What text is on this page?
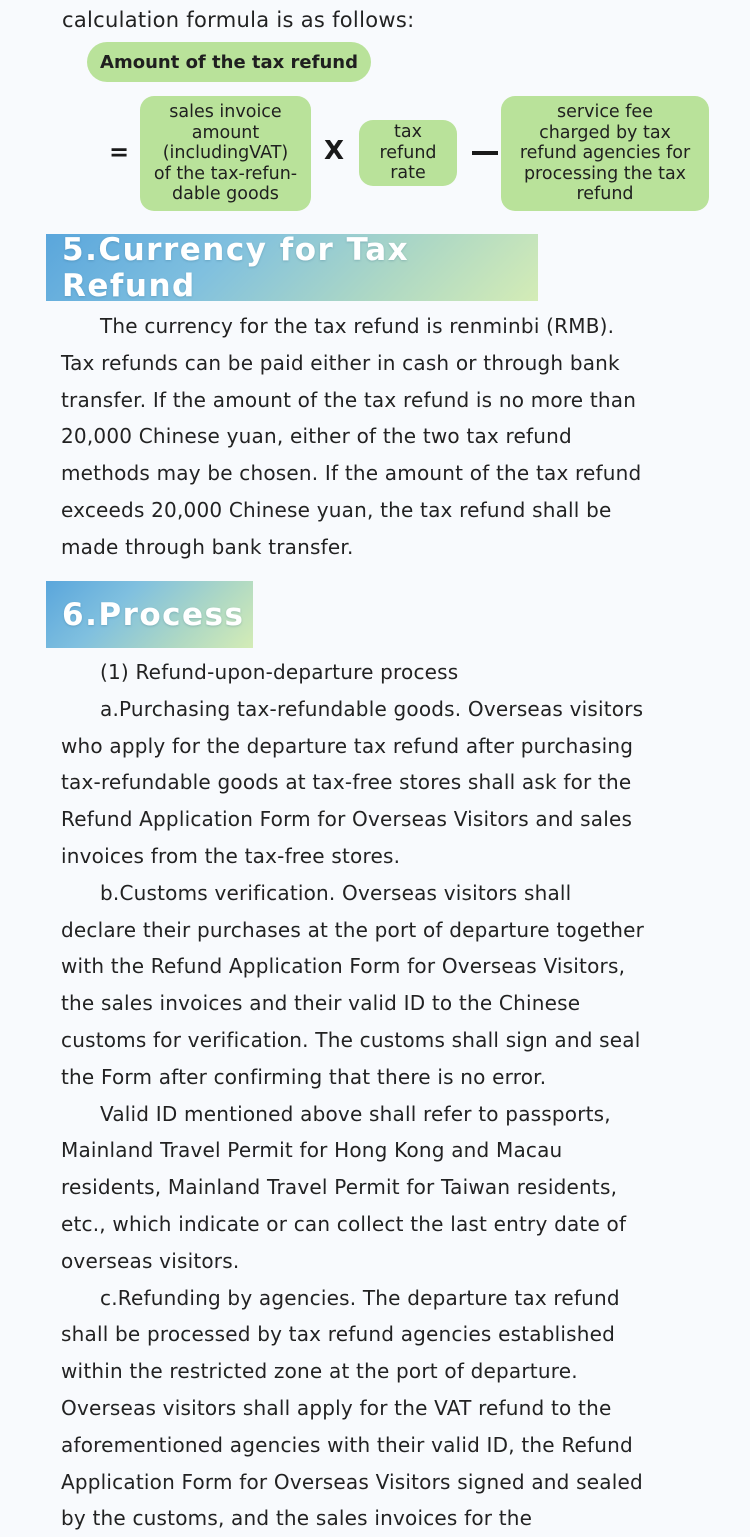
calculation formula is as follows:
Amount of the tax refund
=
sales invoice
amount
(includingVAT)
of the tax-refun-
dable goods
X
tax
refund
rate
service fee
charged by tax
refund agencies for
processing the tax
refund
5.Currency for Tax Refund
The currency for the tax refund is renminbi (RMB).
Tax refunds can be paid either in cash or through bank
transfer. If the amount of the tax refund is no more than
20,000 Chinese yuan, either of the two tax refund
methods may be chosen. If the amount of the tax refund
exceeds 20,000 Chinese yuan, the tax refund shall be
made through bank transfer.
6.Process
(1) Refund-upon-departure process
a.Purchasing tax-refundable goods. Overseas visitors
who apply for the departure tax refund after purchasing
tax-refundable goods at tax-free stores shall ask for the
Refund Application Form for Overseas Visitors and sales
invoices from the tax-free stores.
b.Customs verification. Overseas visitors shall
declare their purchases at the port of departure together
with the Refund Application Form for Overseas Visitors,
the sales invoices and their valid ID to the Chinese
customs for verification. The customs shall sign and seal
the Form after confirming that there is no error.
Valid ID mentioned above shall refer to passports,
Mainland Travel Permit for Hong Kong and Macau
residents, Mainland Travel Permit for Taiwan residents,
etc., which indicate or can collect the last entry date of
overseas visitors.
c.Refunding by agencies. The departure tax refund
shall be processed by tax refund agencies established
within the restricted zone at the port of departure.
Overseas visitors shall apply for the VAT refund to the
aforementioned agencies with their valid ID, the Refund
Application Form for Overseas Visitors signed and sealed
by the customs, and the sales invoices for the
